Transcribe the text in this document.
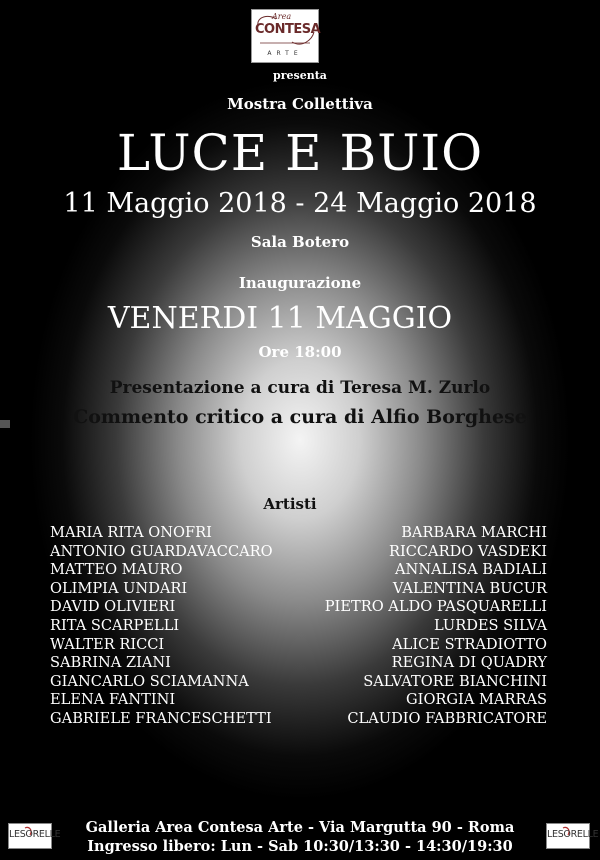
Area
CONTESA
ARTE
presenta
Mostra Collettiva
LUCE E BUIO
11 Maggio 2018 - 24 Maggio 2018
Sala Botero
Inaugurazione
VENERDI 11 MAGGIO
Ore 18:00
Presentazione a cura di Teresa M. Zurlo
Commento critico a cura di Alfio Borghese
Artisti
MARIA RITA ONOFRI
ANTONIO GUARDAVACCARO
MATTEO MAURO
OLIMPIA UNDARI
DAVID OLIVIERI
RITA SCARPELLI
WALTER RICCI
SABRINA ZIANI
GIANCARLO SCIAMANNA
ELENA FANTINI
GABRIELE FRANCESCHETTI
BARBARA MARCHI
RICCARDO VASDEKI
ANNALISA BADIALI
VALENTINA BUCUR
PIETRO ALDO PASQUARELLI
LURDES SILVA
ALICE STRADIOTTO
REGINA DI QUADRY
SALVATORE BIANCHINI
GIORGIA MARRAS
CLAUDIO FABBRICATORE
Galleria Area Contesa Arte - Via Margutta 90 - Roma
Ingresso libero: Lun - Sab 10:30/13:30 - 14:30/19:30
LESORELLE	LESORELLE
